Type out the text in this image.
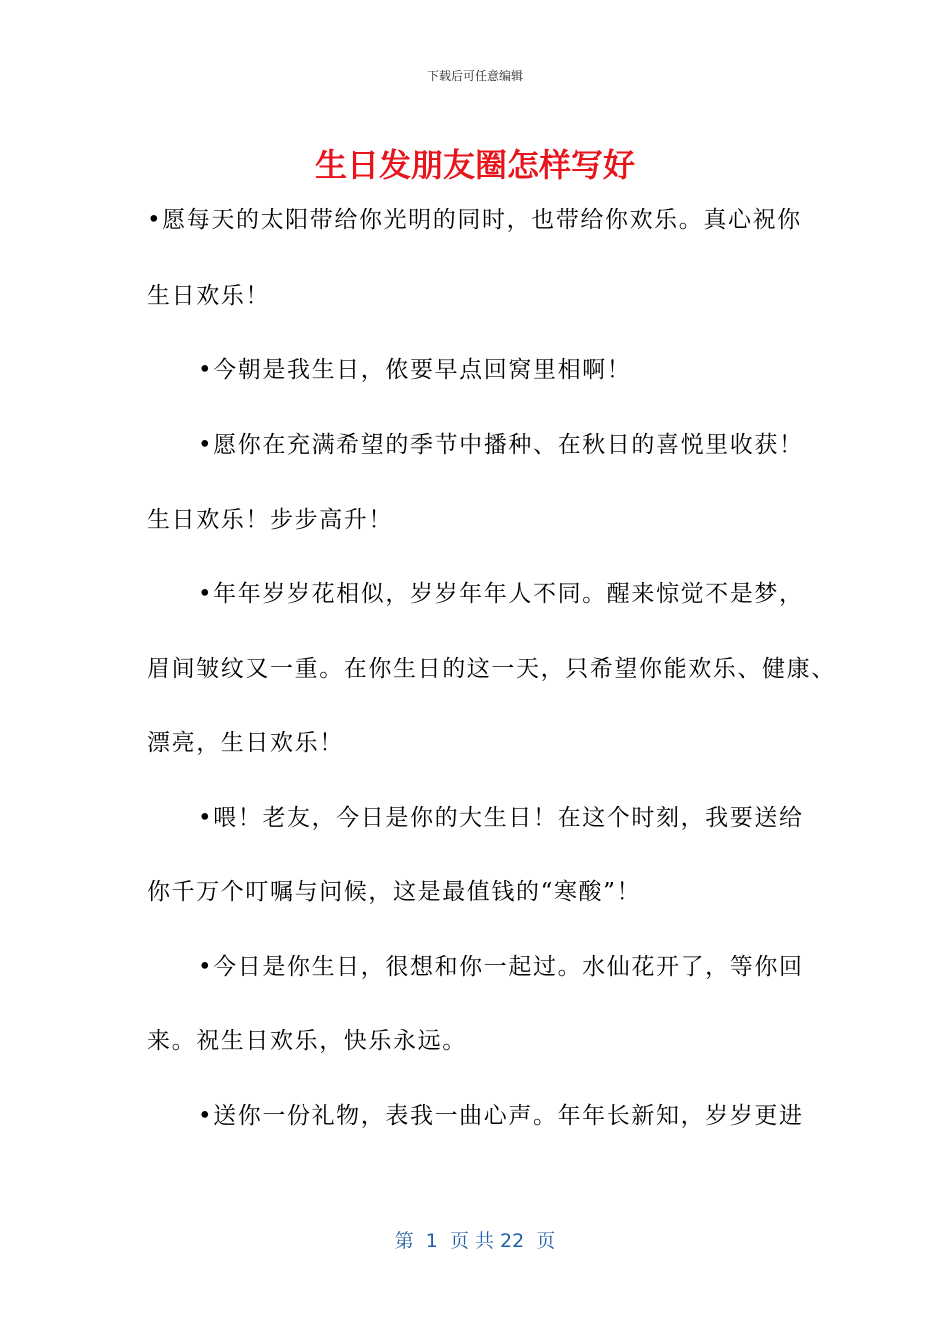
下载后可任意编辑
生日发朋友圈怎样写好
•愿每天的太阳带给你光明的同时，也带给你欢乐。真心祝你
生日欢乐！
•今朝是我生日，侬要早点回窝里相啊！
•愿你在充满希望的季节中播种、在秋日的喜悦里收获！
生日欢乐！步步高升！
•年年岁岁花相似，岁岁年年人不同。醒来惊觉不是梦，
眉间皱纹又一重。在你生日的这一天，只希望你能欢乐、健康、
漂亮，生日欢乐！
•喂！老友，今日是你的大生日！在这个时刻，我要送给
你千万个叮嘱与问候，这是最值钱的“寒酸”！
•今日是你生日，很想和你一起过。水仙花开了，等你回
来。祝生日欢乐，快乐永远。
•送你一份礼物，表我一曲心声。年年长新知，岁岁更进
第  1  页 共 22  页
